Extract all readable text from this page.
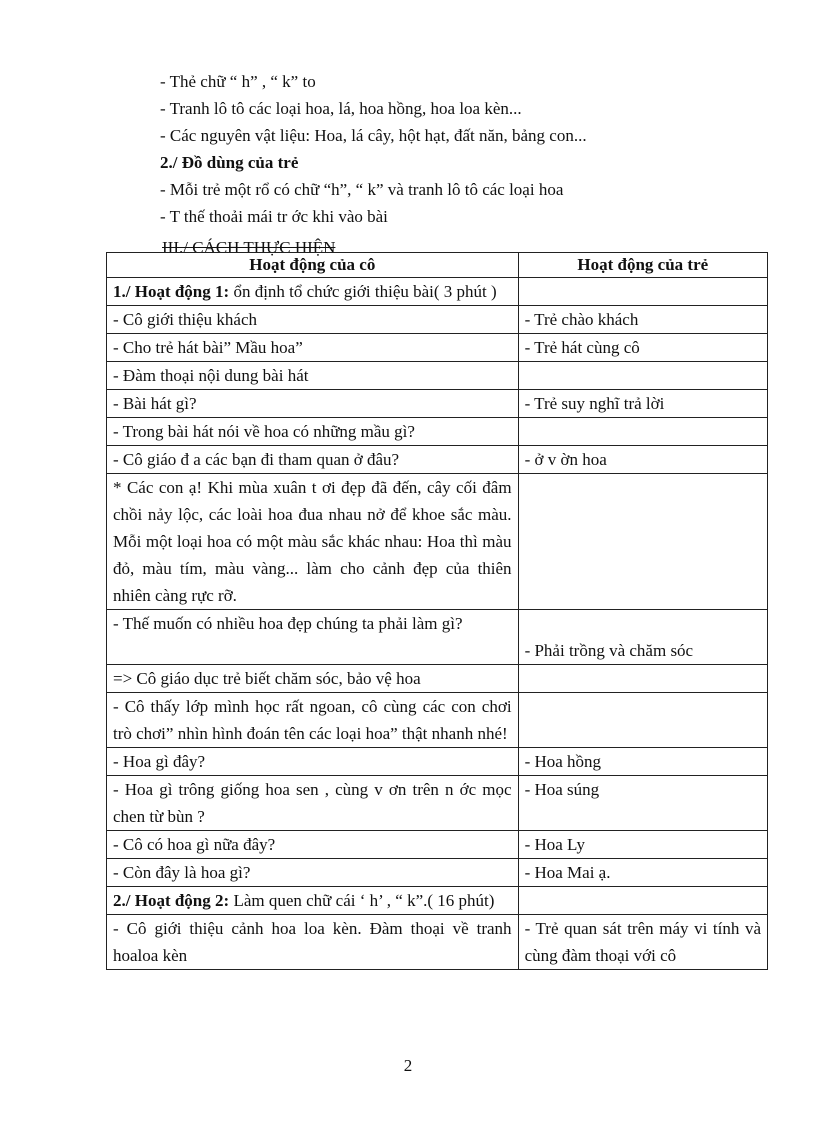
- Thẻ chữ “ h” , “ k” to
- Tranh lô tô các loại hoa, lá, hoa hồng, hoa loa kèn...
- Các nguyên vật liệu: Hoa, lá cây, hột hạt, đất năn, bảng con...
2./ Đồ dùng của trẻ
- Mỗi trẻ một rổ có chữ “h”, “ k” và tranh lô tô các loại hoa
- T thế thoải mái tr ớc khi vào bài
III./ CÁCH THỰC HIỆN
Hoạt động của cô	Hoạt động của trẻ
1./ Hoạt động 1: ổn định tổ chức giới thiệu bài( 3 phút )	
- Cô giới thiệu khách	- Trẻ chào khách
- Cho trẻ hát bài” Mầu hoa”	- Trẻ hát cùng cô
- Đàm thoại nội dung bài hát	
- Bài hát gì?	- Trẻ suy nghĩ trả lời
- Trong bài hát nói về hoa có những mầu gì?	
- Cô giáo đ a các bạn đi tham quan ở đâu?	- ở v ờn hoa
* Các con ạ! Khi mùa xuân t ơi đẹp đã đến, cây cối đâm chồi nảy lộc, các loài hoa đua nhau nở để khoe sắc màu. Mỗi một loại hoa có một màu sắc khác nhau: Hoa thì màu đỏ, màu tím, màu vàng... làm cho cảnh đẹp của thiên nhiên càng rực rỡ.	
- Thế muốn có nhiều hoa đẹp chúng ta phải làm gì?	- Phải trồng và chăm sóc

=> Cô giáo dục trẻ biết chăm sóc, bảo vệ hoa	
- Cô thấy lớp mình học rất ngoan, cô cùng các con chơi trò chơi” nhìn hình đoán tên các loại hoa” thật nhanh nhé!	
- Hoa gì đây?	- Hoa hồng
- Hoa gì trông giống hoa sen , cùng v ơn trên n ớc mọc chen từ bùn ?	- Hoa súng
- Cô có hoa gì nữa đây?	- Hoa Ly
- Còn đây là hoa gì?	- Hoa Mai ạ.
2./ Hoạt động 2: Làm quen chữ cái ‘ h’ , “ k”.( 16 phút)	
- Cô giới thiệu cảnh hoa loa kèn. Đàm thoại về tranh hoaloa kèn	- Trẻ quan sát trên máy vi tính và cùng đàm thoại với cô
2
